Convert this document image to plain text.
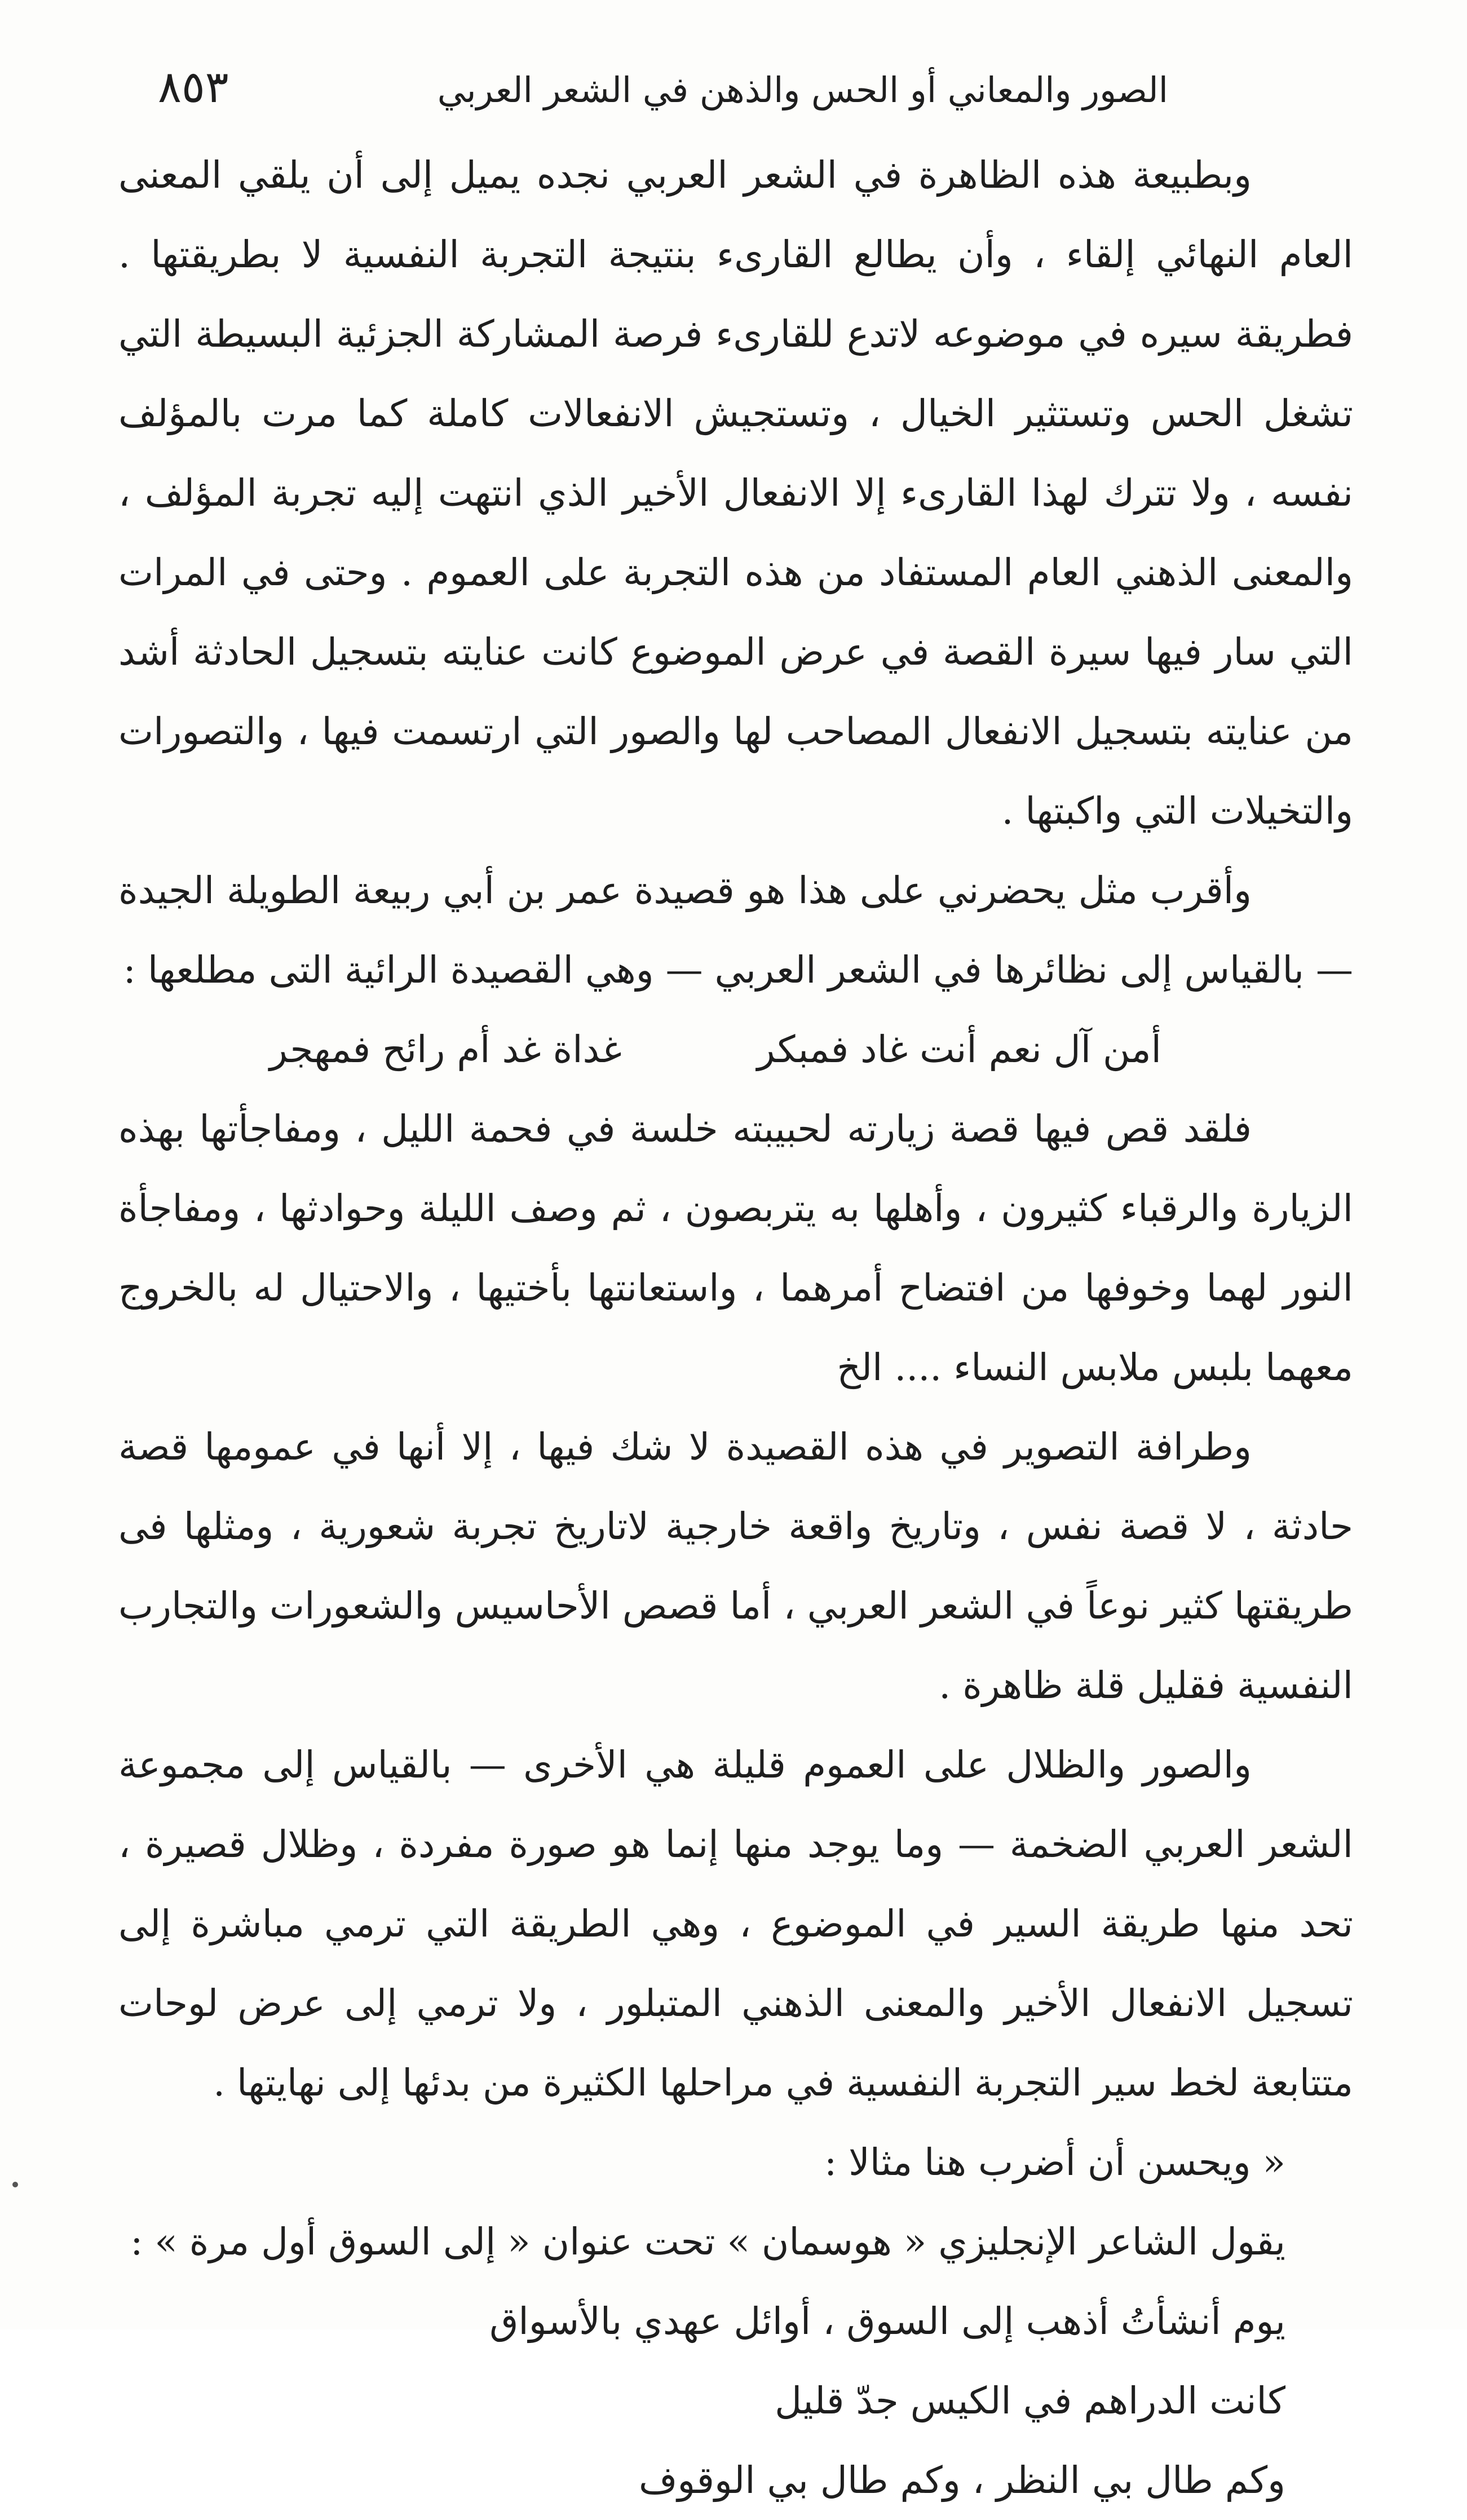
الصور والمعاني أو الحس والذهن في الشعر العربي
٨٥٣

وبطبيعة هذه الظاهرة في الشعر العربي نجده يميل إلى أن يلقي المعنى العام النهائي إلقاء ، وأن يطالع القارىء بنتيجة التجربة النفسية لا بطريقتها . فطريقة سيره في موضوعه لاتدع للقارىء فرصة المشاركة الجزئية البسيطة التي تشغل الحس وتستثير الخيال ، وتستجيش الانفعالات كاملة كما مرت بالمؤلف نفسه ، ولا تترك لهذا القارىء إلا الانفعال الأخير الذي انتهت إليه تجربة المؤلف ، والمعنى الذهني العام المستفاد من هذه التجربة على العموم . وحتى في المرات التي سار فيها سيرة القصة في عرض الموضوع كانت عنايته بتسجيل الحادثة أشد من عنايته بتسجيل الانفعال المصاحب لها والصور التي ارتسمت فيها ، والتصورات والتخيلات التي واكبتها .

وأقرب مثل يحضرني على هذا هو قصيدة عمر بن أبي ربيعة الطويلة الجيدة — بالقياس إلى نظائرها في الشعر العربي — وهي القصيدة الرائية التى مطلعها :

أمن آل نعم أنت غاد فمبكرغداة غد أم رائح فمهجر

فلقد قص فيها قصة زيارته لحبيبته خلسة في فحمة الليل ، ومفاجأتها بهذه الزيارة والرقباء كثيرون ، وأهلها به يتربصون ، ثم وصف الليلة وحوادثها ، ومفاجأة النور لهما وخوفها من افتضاح أمرهما ، واستعانتها بأختيها ، والاحتيال له بالخروج معهما بلبس ملابس النساء .... الخ

وطرافة التصوير في هذه القصيدة لا شك فيها ، إلا أنها في عمومها قصة حادثة ، لا قصة نفس ، وتاريخ واقعة خارجية لاتاريخ تجربة شعورية ، ومثلها فى طريقتها كثير نوعاً في الشعر العربي ، أما قصص الأحاسيس والشعورات والتجارب النفسية فقليل قلة ظاهرة .

والصور والظلال على العموم قليلة هي الأخرى — بالقياس إلى مجموعة الشعر العربي الضخمة — وما يوجد منها إنما هو صورة مفردة ، وظلال قصيرة ، تحد منها طريقة السير في الموضوع ، وهي الطريقة التي ترمي مباشرة إلى تسجيل الانفعال الأخير والمعنى الذهني المتبلور ، ولا ترمي إلى عرض لوحات متتابعة لخط سير التجربة النفسية في مراحلها الكثيرة من بدئها إلى نهايتها .

« ويحسن أن أضرب هنا مثالا :

يقول الشاعر الإنجليزي « هوسمان » تحت عنوان « إلى السوق أول مرة » :

يوم أنشأتُ أذهب إلى السوق ، أوائل عهدي بالأسواق

كانت الدراهم في الكيس جدّ قليل

وكم طال بي النظر ، وكم طال بي الوقوف
